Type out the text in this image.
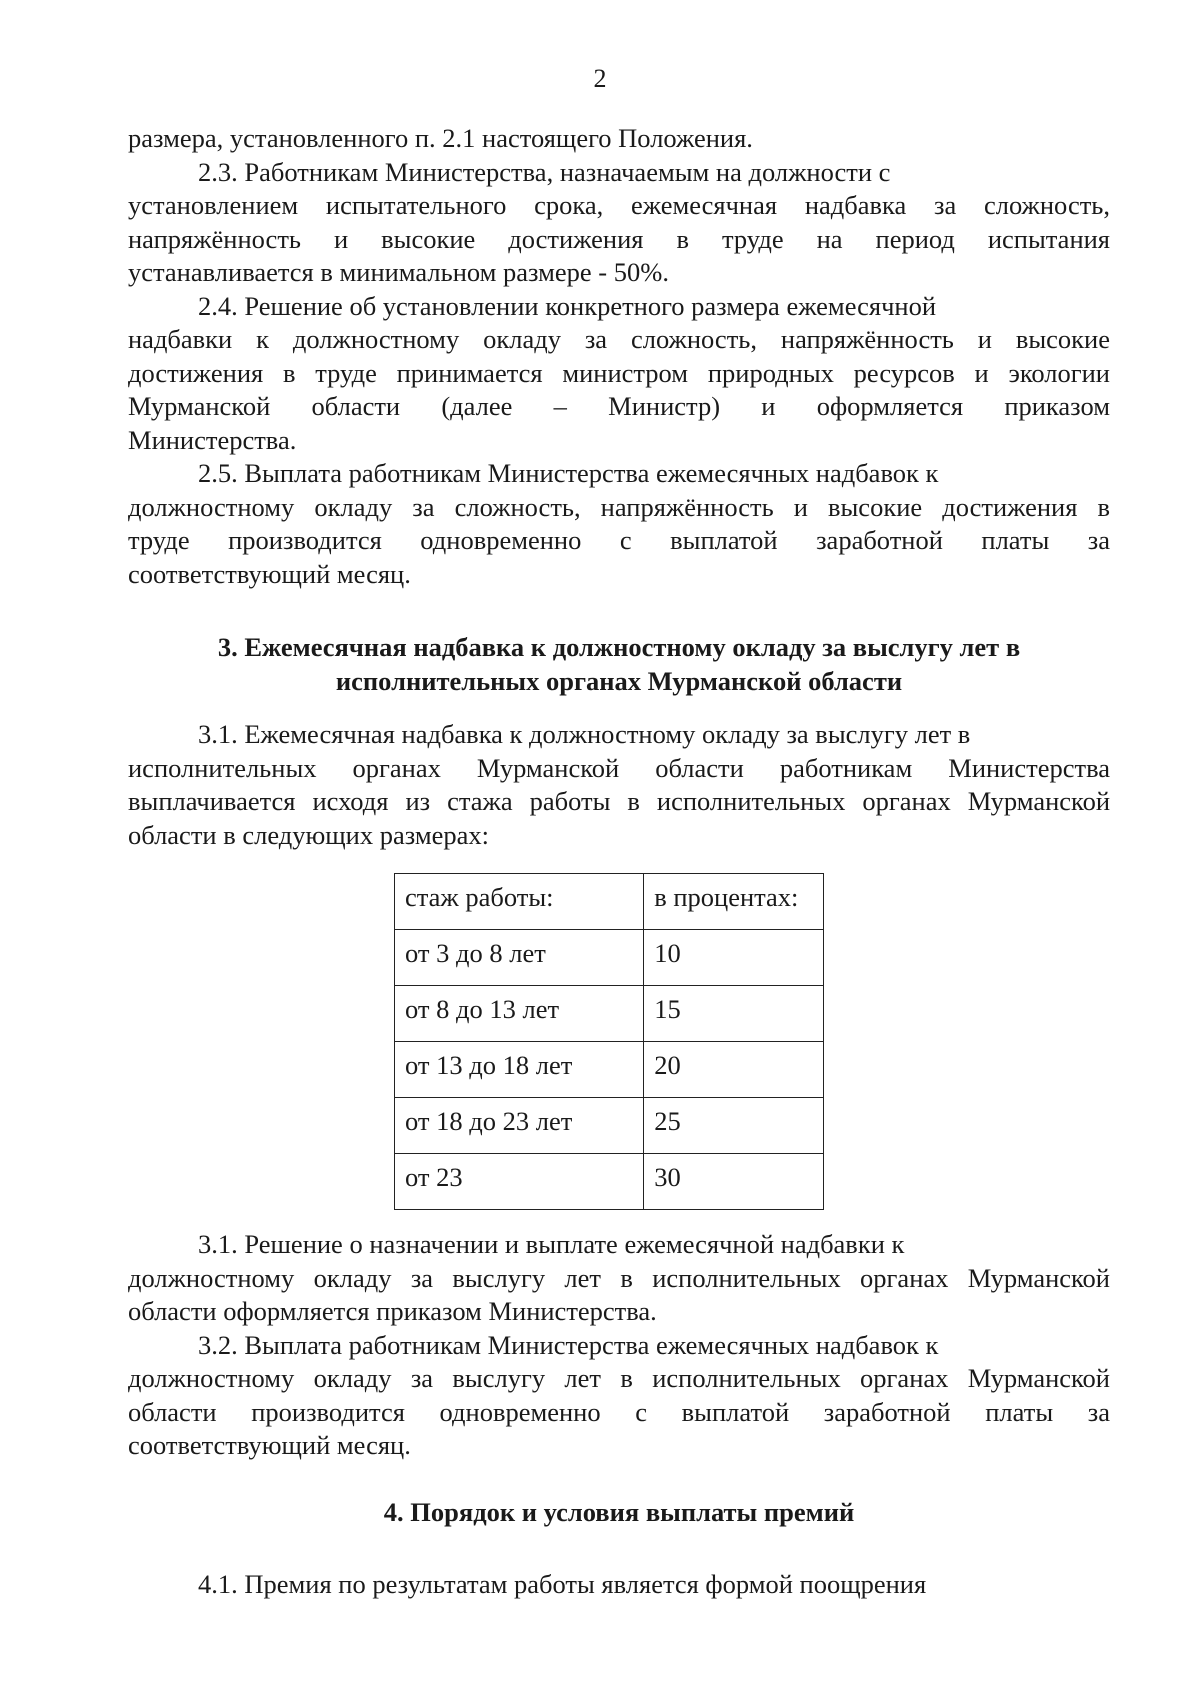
2
размера, установленного п. 2.1 настоящего Положения.
2.3. Работникам Министерства, назначаемым на должности с
установлением испытательного срока, ежемесячная надбавка за сложность,
напряжённость и высокие достижения в труде на период испытания
устанавливается в минимальном размере - 50%.
2.4. Решение об установлении конкретного размера ежемесячной
надбавки к должностному окладу за сложность, напряжённость и высокие
достижения в труде принимается министром природных ресурсов и экологии
Мурманской области (далее – Министр) и оформляется приказом
Министерства.
2.5. Выплата работникам Министерства ежемесячных надбавок к
должностному окладу за сложность, напряжённость и высокие достижения в
труде производится одновременно с выплатой заработной платы за
соответствующий месяц.
3. Ежемесячная надбавка к должностному окладу за выслугу лет в
исполнительных органах Мурманской области
3.1. Ежемесячная надбавка к должностному окладу за выслугу лет в
исполнительных органах Мурманской области работникам Министерства
выплачивается исходя из стажа работы в исполнительных органах Мурманской
области в следующих размерах:
стаж работы:	в процентах:
от 3 до 8 лет	10
от 8 до 13 лет	15
от 13 до 18 лет	20
от 18 до 23 лет	25
от 23	30
3.1. Решение о назначении и выплате ежемесячной надбавки к
должностному окладу за выслугу лет в исполнительных органах Мурманской
области оформляется приказом Министерства.
3.2. Выплата работникам Министерства ежемесячных надбавок к
должностному окладу за выслугу лет в исполнительных органах Мурманской
области производится одновременно с выплатой заработной платы за
соответствующий месяц.
4. Порядок и условия выплаты премий
4.1. Премия по результатам работы является формой поощрения
